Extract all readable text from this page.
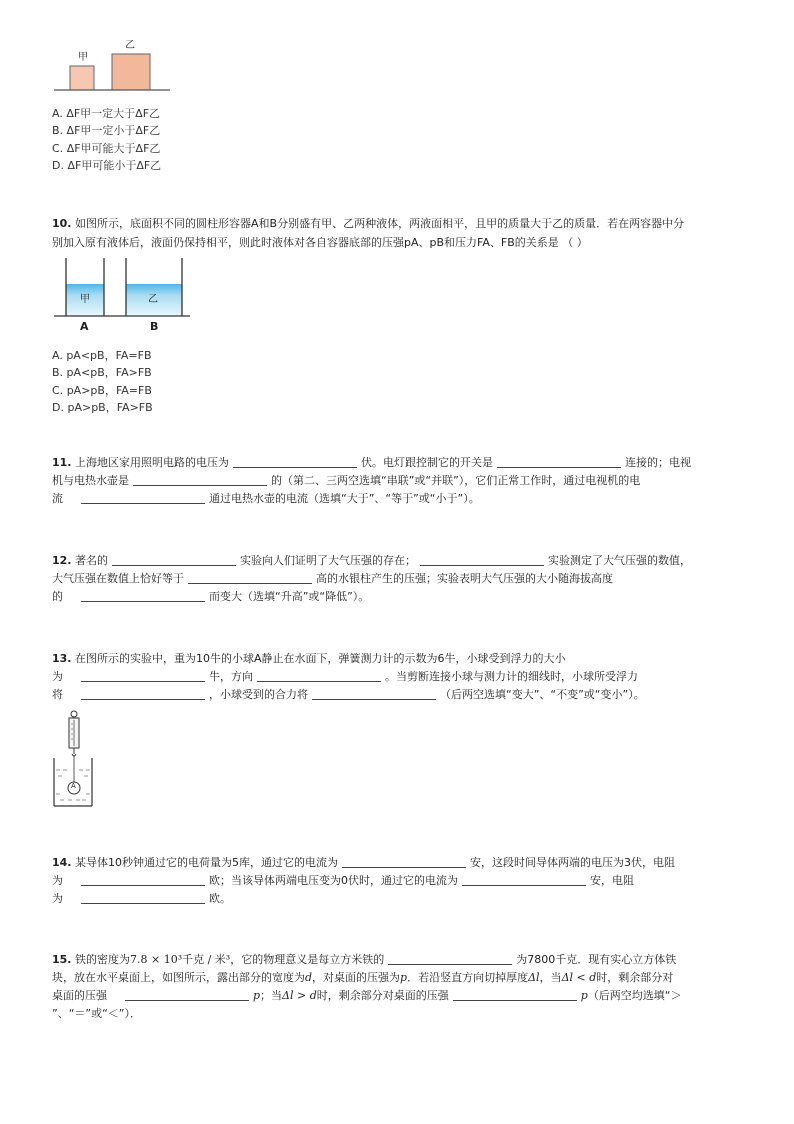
甲
乙
A. ΔF甲一定大于ΔF乙
B. ΔF甲一定小于ΔF乙
C. ΔF甲可能大于ΔF乙
D. ΔF甲可能小于ΔF乙
10. 如图所示，底面积不同的圆柱形容器A和B分别盛有甲、乙两种液体，两液面相平，且甲的质量大于乙的质量．若在两容器中分
别加入原有液体后，液面仍保持相平，则此时液体对各自容器底部的压强pA、pB和压力FA、FB的关系是 （ ）
甲	乙
A	B
A. pA<pB，FA=FB
B. pA<pB，FA>FB
C. pA>pB，FA=FB
D. pA>pB，FA>FB
11. 上海地区家用照明电路的电压为	伏。电灯跟控制它的开关是	连接的；电视
机与电热水壶是	的（第二、三两空选填“串联”或“并联”），它们正常工作时，通过电视机的电
流	通过电热水壶的电流（选填“大于”、“等于”或“小于”）。
12. 著名的	实验向人们证明了大气压强的存在；	实验测定了大气压强的数值，
大气压强在数值上恰好等于	高的水银柱产生的压强；实验表明大气压强的大小随海拔高度
的	而变大（选填“升高”或“降低”）。
13. 在图所示的实验中，重为10牛的小球A静止在水面下，弹簧测力计的示数为6牛，小球受到浮力的大小
为	牛，方向	。当剪断连接小球与测力计的细线时，小球所受浮力
将	，小球受到的合力将	（后两空选填“变大”、“不变”或“变小”）。
A
14. 某导体10秒钟通过它的电荷量为5库，通过它的电流为	安，这段时间导体两端的电压为3伏，电阻
为	欧；当该导体两端电压变为0伏时，通过它的电流为	安，电阻
为	欧。
15. 铁的密度为7.8 × 10³千克 / 米³，它的物理意义是每立方米铁的	为7800千克．现有实心立方体铁
块，放在水平桌面上，如图所示，露出部分的宽度为d，对桌面的压强为p．若沿竖直方向切掉厚度Δl，当Δl < d时，剩余部分对
桌面的压强	p；当Δl > d时，剩余部分对桌面的压强	p（后两空均选填“＞
”、“＝”或“＜”）．
